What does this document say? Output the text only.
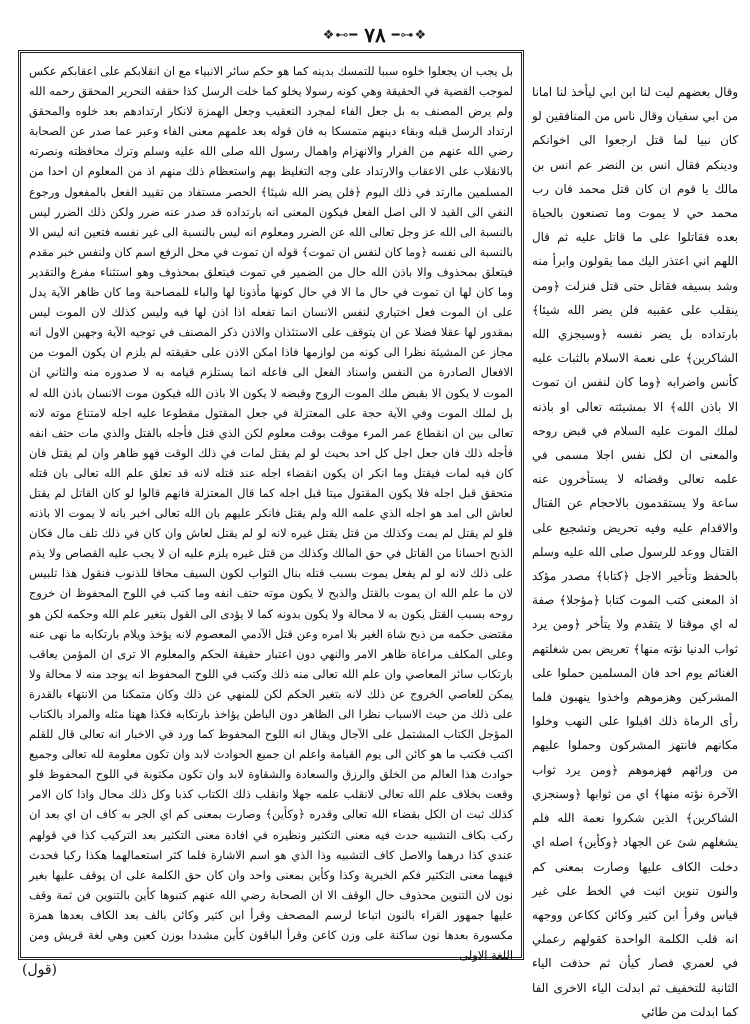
❖⊷━ ٧٨ ━⊶❖

بل يجب ان يجعلوا خلوه سببا للتمسك بدينه كما هو حكم سائر الانبياء مع ان انقلابكم على اعقابكم عكس لموجب القضية في الحقيقة وهي كونه رسولا يخلو كما خلت الرسل كذا حققه النحرير المحقق رحمه الله ولم يرض المصنف به بل جعل الفاء لمجرد التعقيب وجعل الهمزة لانكار ارتدادهم بعد خلوه والمحقق ارتداد الرسل قبله وبقاء دينهم متمسكا به فان قوله بعد علمهم معنى الفاء وعبر عما صدر عن الصحابة رضي الله عنهم من الفرار والانهزام واهمال رسول الله صلى الله عليه وسلم وترك محافظته ونصرته بالانقلاب على الاعقاب والارتداد على وجه التغليظ بهم واستعظام ذلك منهم اذ من المعلوم ان احدا من المسلمين ماارتد في ذلك اليوم ﴿فلن يضر الله شيئا﴾ الحصر مستفاد من تقييد الفعل بالمفعول ورجوع النفي الى القيد لا الى اصل الفعل فيكون المعنى انه بارتداده قد صدر عنه ضرر ولكن ذلك الضرر ليس بالنسبة الى الله عز وجل تعالى الله عن الضرر ومعلوم انه ليس بالنسبة الى غير نفسه فتعين انه ليس الا بالنسبة الى نفسه ﴿وما كان لنفس ان تموت﴾ قوله ان تموت في محل الرفع اسم كان ولنفس خبر مقدم فيتعلق بمحذوف والا باذن الله حال من الضمير في تموت فيتعلق بمحذوف وهو استثناء مفرغ والتقدير وما كان لها ان تموت في حال ما الا في حال كونها مأذونا لها والباء للمصاحبة وما كان ظاهر الآية يدل على ان الموت فعل اختياري لنفس الانسان انما تفعله اذا اذن لها فيه وليس كذلك لان الموت ليس بمقدور لها عقلا فضلا عن ان يتوقف على الاستئذان والاذن ذكر المصنف في توجيه الآية وجهين الاول انه مجاز عن المشيئة نظرا الى كونه من لوازمها فاذا امكن الاذن على حقيقته لم يلزم ان يكون الموت من الافعال الصادرة من النفس واسناد الفعل الى فاعله انما يستلزم قيامه به لا صدوره منه والثاني ان الموت لا يكون الا بقبض ملك الموت الروح وقبضه لا يكون الا باذن الله فيكون موت الانسان باذن الله له بل لملك الموت وفي الآية حجة على المعتزلة في جعل المقتول مقطوعا عليه اجله لامتناع موته لانه تعالى بين ان انقطاع عمر المرء موقت بوقت معلوم لكن الذي قتل فأجله بالقتل والذي مات حتف انفه فأجله ذلك فان جعل اجل كل احد بحيث لو لم يقتل لمات في ذلك الوقت فهو ظاهر وان لم يقتل فان كان فيه لمات فيقتل وما انكر ان يكون انقضاء اجله عند قتله لانه قد تعلق علم الله تعالى بان قتله متحقق قبل اجله فلا يكون المقتول ميتا قبل اجله كما قال المعتزلة فانهم قالوا لو كان القاتل لم يقتل لعاش الى امد هو اجله الذي علمه الله ولم يقتل فانكر عليهم بان الله تعالى اخبر بانه لا يموت الا باذنه فلو لم يقتل لم يمت وكذلك من قتل يقتل غيره لانه لو لم يقتل لعاش وان كان في ذلك تلف مال فكان الذبح احسانا من القاتل في حق المالك وكذلك من قتل غيره يلزم عليه ان لا يجب عليه القصاص ولا يذم على ذلك لانه لو لم يفعل يموت بسبب قتله بنال الثواب لكون السيف محافا للذنوب فنقول هذا تلبيس لان ما علم الله ان يموت بالقتل والذبح لا يكون موته حتف انفه وما كتب في اللوح المحفوظ ان خروج روحه بسبب القتل يكون به لا محالة ولا يكون بدونه كما لا يؤدى الى القول بتغير علم الله وحكمه لكن هو مقتضى حكمه من ذبح شاة الغير بلا امره وعن قتل الآدمي المعصوم لانه يؤخذ ويلام بارتكابه ما نهى عنه وعلى المكلف مراعاة ظاهر الامر والنهي دون اعتبار حقيقة الحكم والمعلوم الا ترى ان المؤمن يعاقب بارتكاب سائر المعاصي وان علم الله تعالى منه ذلك وكتب في اللوح المحفوظ انه يوجد منه لا محالة ولا يمكن للعاصي الخروج عن ذلك لانه بتغير الحكم لكن للمنهي عن ذلك وكان متمكنا من الانتهاء بالقدرة على ذلك من حيث الاسباب نظرا الى الظاهر دون الباطن يؤاخذ بارتكابه فكذا ههنا مثله والمراد بالكتاب المؤجل الكتاب المشتمل على الآجال ويقال انه اللوح المحفوظ كما ورد في الاخبار انه تعالى قال للقلم اكتب فكتب ما هو كائن الى يوم القيامة واعلم ان جميع الحوادث لابد وان تكون معلومة لله تعالى وجميع حوادث هذا العالم من الخلق والرزق والسعادة والشقاوة لابد وان تكون مكتوبة في اللوح المحفوظ فلو وقعت بخلاف علم الله تعالى لانقلب علمه جهلا وانقلب ذلك الكتاب كذبا وكل ذلك محال واذا كان الامر كذلك ثبت ان الكل بقضاء الله تعالى وقدره ﴿وكأين﴾ وصارت بمعنى كم اي الجر به كاف ان اي بعد ان ركب بكاف التشبيه حدث فيه معنى التكثير ونظيره في افادة معنى التكثير بعد التركيب كذا في قولهم عندي كذا درهما والاصل كاف التشبيه وذا الذي هو اسم الاشارة فلما كثر استعمالهما هكذا ركبا فحدث فيهما معنى التكثير فكم الخبرية وكذا وكأين بمعنى واحد وان كان حق الكلمة على ان يوقف عليها بغير نون لان التنوين محذوف حال الوقف الا ان الصحابة رضي الله عنهم كتبوها كأين بالتنوين فن ثمة وقف عليها جمهور القراء بالنون اتباعا لرسم المصحف وقرأ ابن كثير وكائن بالف بعد الكاف بعدها همزة مكسورة بعدها نون ساكنة على وزن كاعن وقرأ الباقون كأين مشددا بوزن كعين وهي لغة قريش ومن اللغة الاولى

وقال بعضهم ليت لنا ابن ابي ليأخذ لنا امانا من ابي سفيان وقال ناس من المنافقين لو كان نبيا لما قتل ارجعوا الى اخوانكم ودينكم فقال انس بن النضر عم انس بن مالك يا قوم ان كان قتل محمد فان رب محمد حي لا يموت وما تصنعون بالحياة بعده فقاتلوا على ما قاتل عليه ثم قال اللهم اني اعتذر اليك مما يقولون وابرأ منه وشد بسيفه فقاتل حتى قتل فنزلت ﴿ومن ينقلب على عقبيه فلن يضر الله شيئا﴾ بارتداده بل يضر نفسه ﴿وسيجزي الله الشاكرين﴾ على نعمة الاسلام بالثبات عليه كأنس واضرابه ﴿وما كان لنفس ان تموت الا باذن الله﴾ الا بمشيئته تعالى او باذنه لملك الموت عليه السلام في قبض روحه والمعنى ان لكل نفس اجلا مسمى في علمه تعالى وقضائه لا يستأخرون عنه ساعة ولا يستقدمون بالاحجام عن القتال والاقدام عليه وفيه تحريض وتشجيع على القتال ووعد للرسول صلى الله عليه وسلم بالحفظ وتأخير الاجل ﴿كتابا﴾ مصدر مؤكد اذ المعنى كتب الموت كتابا ﴿مؤجلا﴾ صفة له اي موقتا لا يتقدم ولا يتأخر ﴿ومن يرد ثواب الدنيا نؤته منها﴾ تعريض بمن شغلتهم الغنائم يوم احد فان المسلمين حملوا على المشركين وهزموهم واخذوا ينهبون فلما رأى الرماة ذلك اقبلوا على النهب وخلوا مكانهم فانتهز المشركون وحملوا عليهم من ورائهم فهزموهم ﴿ومن يرد ثواب الآخرة نؤته منها﴾ اي من ثوابها ﴿وسنجزي الشاكرين﴾ الذين شكروا نعمة الله فلم يشغلهم شئ عن الجهاد ﴿وكأين﴾ اصله اي دخلت الكاف عليها وصارت بمعنى كم والنون تنوين اثبت في الخط على غير قياس وقرأ ابن كثير وكائن ككاعن ووجهه انه قلب الكلمة الواحدة كقولهم رعملي في لعمري فصار كيأن ثم حذفت الياء الثانية للتخفيف ثم ابدلت الياء الاخرى الفا كما ابدلت من طائي

(قول)
